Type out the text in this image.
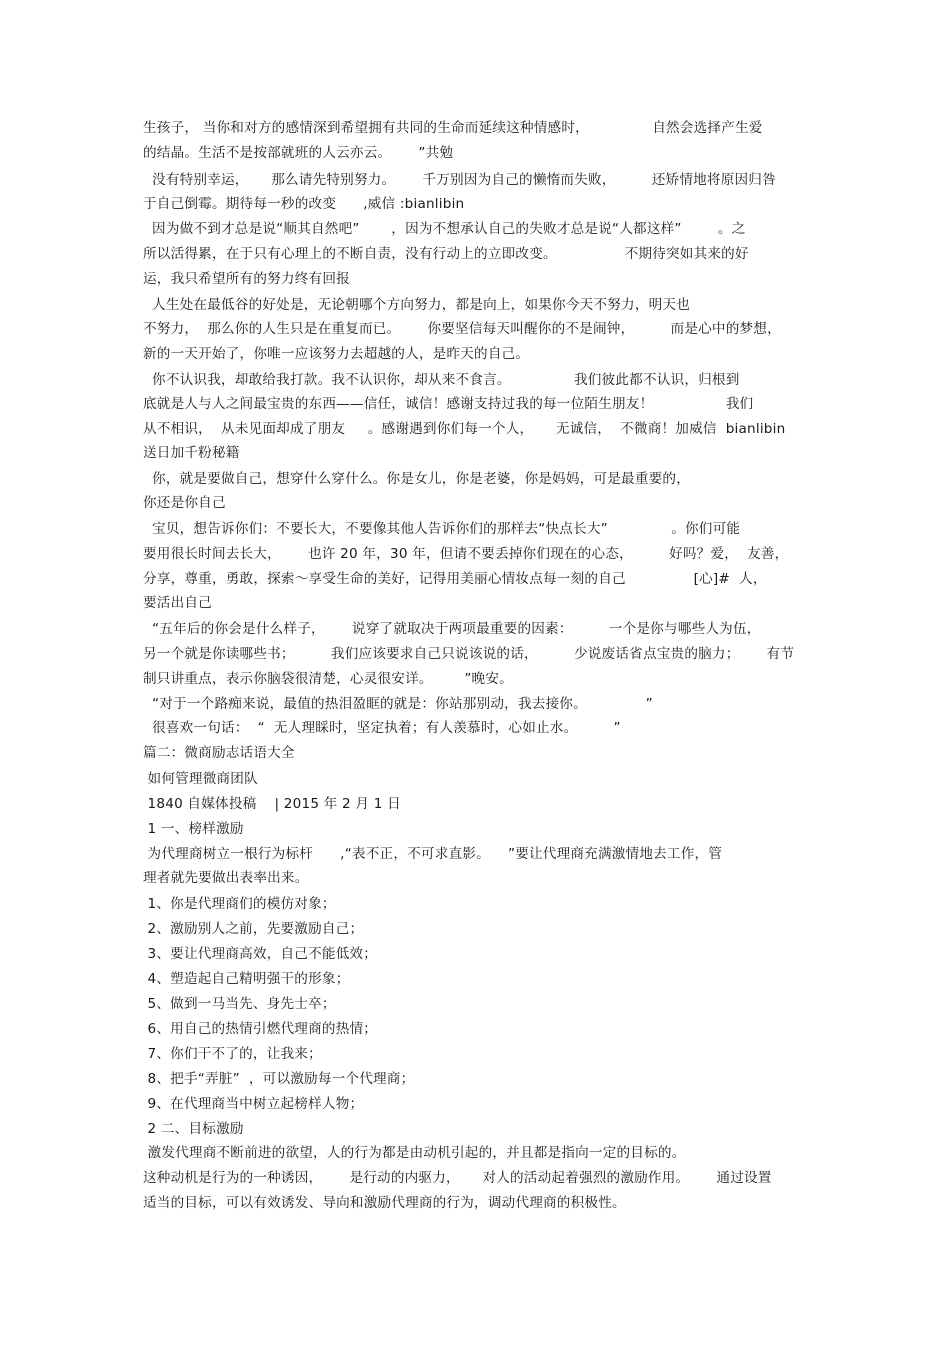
生孩子， 当你和对方的感情深到希望拥有共同的生命而延续这种情感时，              自然会选择产生爱
的结晶。生活不是按部就班的人云亦云。      ”共勉
没有特别幸运，     那么请先特别努力。      千万别因为自己的懒惰而失败，        还矫情地将原因归咎
于自己倒霉。期待每一秒的改变      ,威信 :bianlibin
因为做不到才总是说“顺其自然吧”       ，因为不想承认自己的失败才总是说“人都这样”        。之
所以活得累，在于只有心理上的不断自责，没有行动上的立即改变。               不期待突如其来的好
运，我只希望所有的努力终有回报
人生处在最低谷的好处是，无论朝哪个方向努力，都是向上，如果你今天不努力，明天也
不努力，  那么你的人生只是在重复而已。      你要坚信每天叫醒你的不是闹钟，        而是心中的梦想，
新的一天开始了，你唯一应该努力去超越的人，是昨天的自己。
你不认识我，却敢给我打款。我不认识你，却从来不食言。              我们彼此都不认识，归根到
底就是人与人之间最宝贵的东西——信任，诚信！感谢支持过我的每一位陌生朋友！                我们
从不相识，  从未见面却成了朋友     。感谢遇到你们每一个人，     无诚信，  不微商！加威信  bianlibin
送日加千粉秘籍
你，就是要做自己，想穿什么穿什么。你是女儿，你是老婆，你是妈妈，可是最重要的，
你还是你自己
宝贝，想告诉你们：不要长大，不要像其他人告诉你们的那样去“快点长大”              。你们可能
要用很长时间去长大，      也许 20 年，30 年，但请不要丢掉你们现在的心态，        好吗？爱，  友善，
分享，尊重，勇敢，探索～享受生命的美好，记得用美丽心情妆点每一刻的自己               [心]#  人，
要活出自己
“五年后的你会是什么样子，      说穿了就取决于两项最重要的因素：        一个是你与哪些人为伍，
另一个就是你读哪些书；        我们应该要求自己只说该说的话，        少说废话省点宝贵的脑力；      有节
制只讲重点，表示你脑袋很清楚，心灵很安详。       ”晚安。
“对于一个路痴来说，最值的热泪盈眶的就是：你站那别动，我去接你。             ”
很喜欢一句话：  “  无人理睬时，坚定执着；有人羡慕时，心如止水。        ”
篇二：微商励志话语大全
如何管理微商团队
1840 自媒体投稿    | 2015 年 2 月 1 日
1 一、榜样激励
为代理商树立一根行为标杆      ,“表不正，不可求直影。    ”要让代理商充满激情地去工作，管
理者就先要做出表率出来。
1、你是代理商们的模仿对象；
2、激励别人之前，先要激励自己；
3、要让代理商高效，自己不能低效；
4、塑造起自己精明强干的形象；
5、做到一马当先、身先士卒；
6、用自己的热情引燃代理商的热情；
7、你们干不了的，让我来；
8、把手“弄脏”  ，可以激励每一个代理商；
9、在代理商当中树立起榜样人物；
2 二、目标激励
激发代理商不断前进的欲望，人的行为都是由动机引起的，并且都是指向一定的目标的。
这种动机是行为的一种诱因，      是行动的内驱力，     对人的活动起着强烈的激励作用。      通过设置
适当的目标，可以有效诱发、导向和激励代理商的行为，调动代理商的积极性。
